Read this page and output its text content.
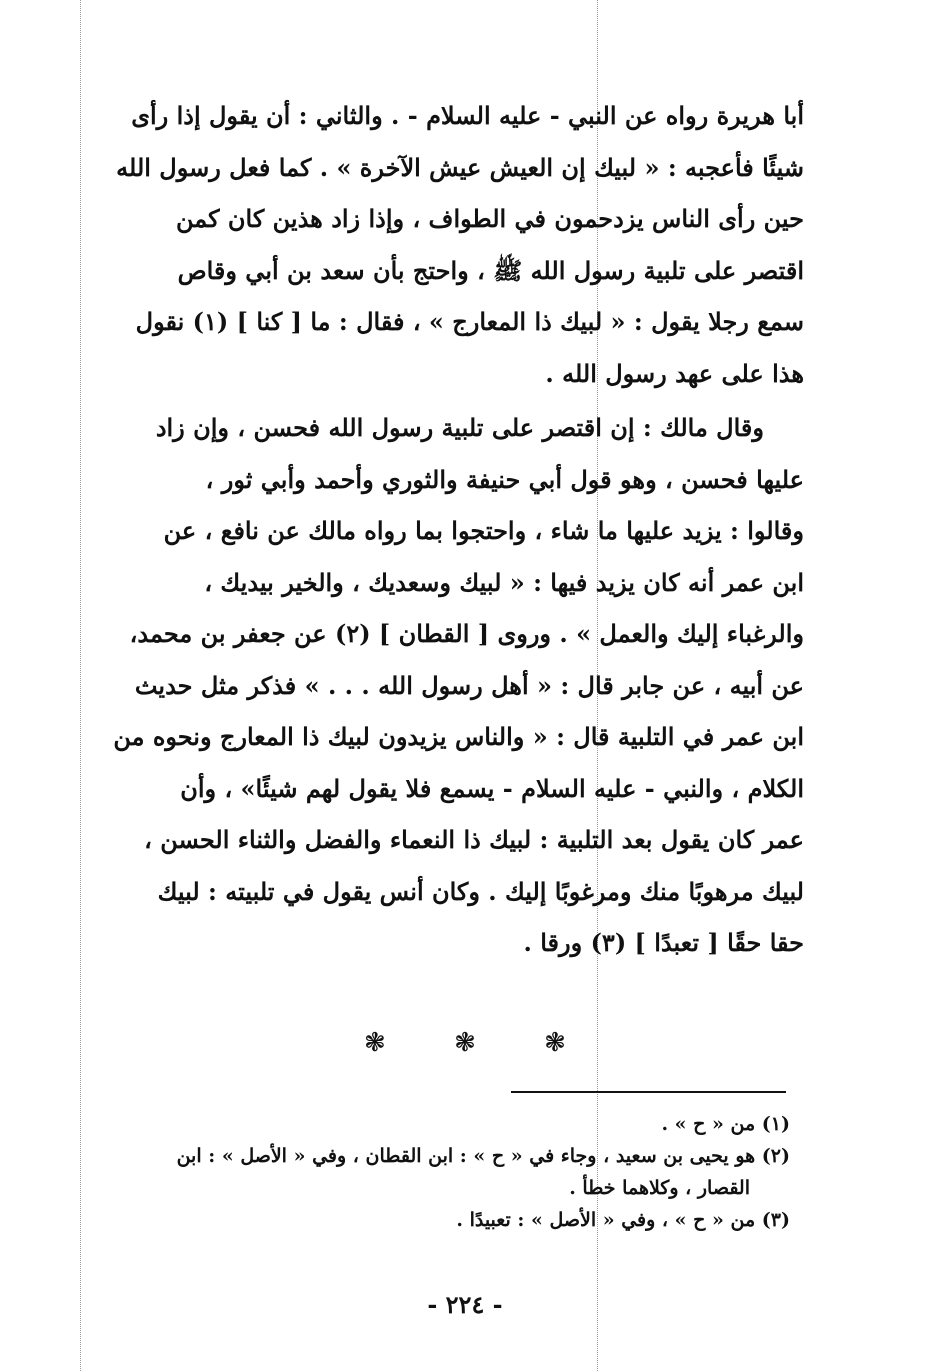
أبا هريرة رواه عن النبي - عليه السلام - . والثاني : أن يقول إذا رأى

شيئًا فأعجبه : « لبيك إن العيش عيش الآخرة » . كما فعل رسول الله

حين رأى الناس يزدحمون في الطواف ، وإذا زاد هذين كان كمن

اقتصر على تلبية رسول الله ﷺ ، واحتج بأن سعد بن أبي وقاص

سمع رجلا يقول : « لبيك ذا المعارج » ، فقال : ما [ كنا ] (١) نقول

هذا على عهد رسول الله .

وقال مالك : إن اقتصر على تلبية رسول الله فحسن ، وإن زاد

عليها فحسن ، وهو قول أبي حنيفة والثوري وأحمد وأبي ثور ،

وقالوا : يزيد عليها ما شاء ، واحتجوا بما رواه مالك عن نافع ، عن

ابن عمر أنه كان يزيد فيها : « لبيك وسعديك ، والخير بيديك ،

والرغباء إليك والعمل » . وروى [ القطان ] (٢) عن جعفر بن محمد،

عن أبيه ، عن جابر قال : « أهل رسول الله . . . » فذكر مثل حديث

ابن عمر في التلبية قال : « والناس يزيدون لبيك ذا المعارج ونحوه من

الكلام ، والنبي - عليه السلام - يسمع فلا يقول لهم شيئًا» ، وأن

عمر كان يقول بعد التلبية : لبيك ذا النعماء والفضل والثناء الحسن ،

لبيك مرهوبًا منك ومرغوبًا إليك . وكان أنس يقول في تلبيته : لبيك

حقا حقًا [ تعبدًا ] (٣) ورقا .

❃ ❃ ❃

(١) من « ح » .

(٢) هو يحيى بن سعيد ، وجاء في « ح » : ابن القطان ، وفي « الأصل » : ابن

القصار ، وكلاهما خطأ .

(٣) من « ح » ، وفي « الأصل » : تعبيدًا .

- ٢٢٤ -
